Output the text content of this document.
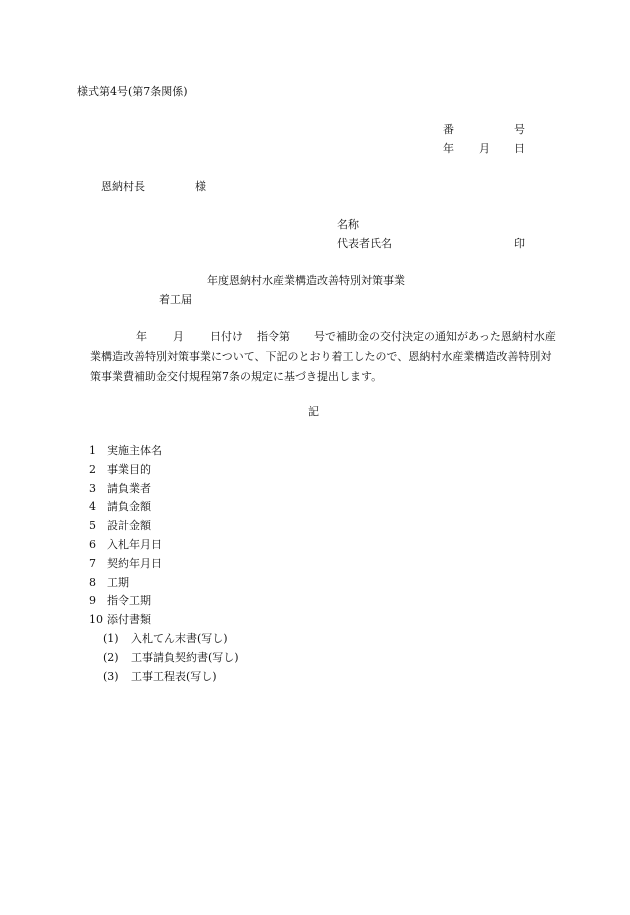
様式第4号(第7条関係)
番	号
年 月 日
恩納村長	様
名称
代表者氏名	印
年度恩納村水産業構造改善特別対策事業
着工届
年 月 日付け 指令第 号で補助金の交付決定の通知があった恩納村水産業構造改善特別対策事業について、下記のとおり着工したので、恩納村水産業構造改善特別対策事業費補助金交付規程第7条の規定に基づき提出します。
記
1 実施主体名
2 事業目的
3 請負業者
4 請負金額
5 設計金額
6 入札年月日
7 契約年月日
8 工期
9 指令工期
10 添付書類
(1) 入札てん末書(写し)
(2) 工事請負契約書(写し)
(3) 工事工程表(写し)
